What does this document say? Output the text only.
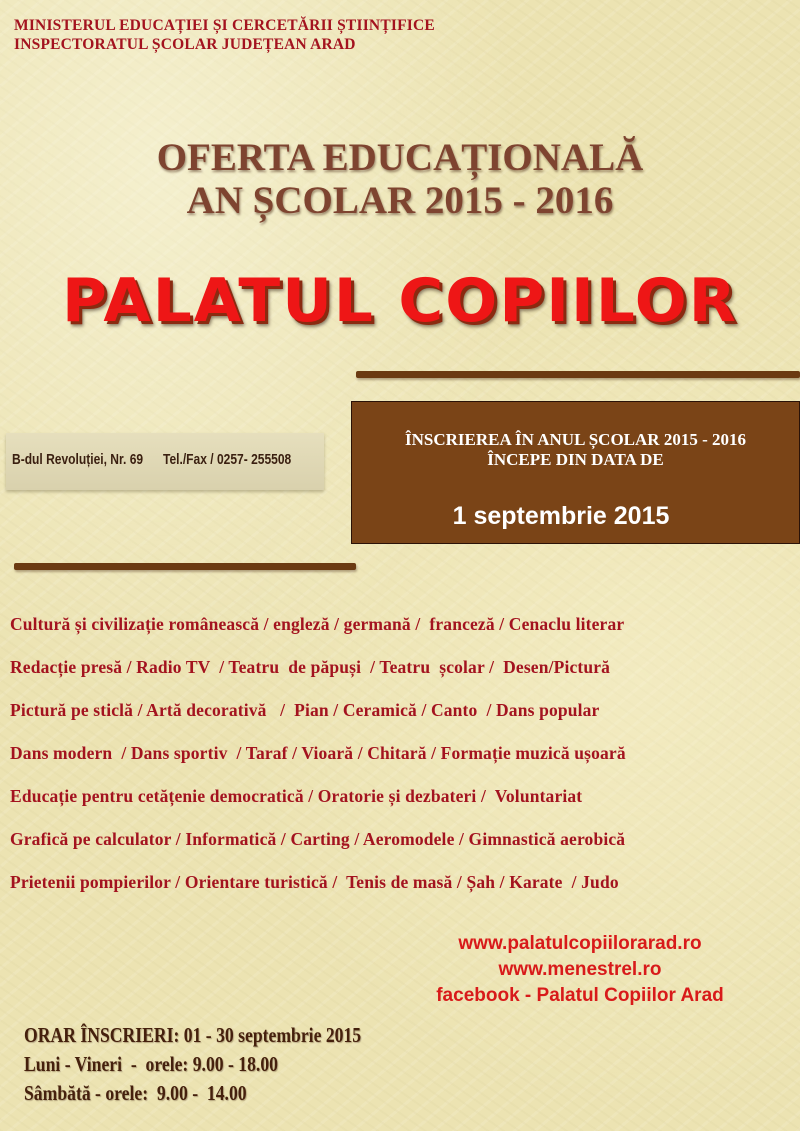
MINISTERUL EDUCAȚIEI ȘI CERCETĂRII ȘTIINȚIFICE
INSPECTORATUL ȘCOLAR JUDEȚEAN ARAD
OFERTA EDUCAȚIONALĂ
AN ȘCOLAR 2015 - 2016
PALATUL COPIILOR
B-dul Revoluției, Nr. 69 Tel./Fax / 0257- 255508
ÎNSCRIEREA ÎN ANUL ȘCOLAR 2015 - 2016
ÎNCEPE DIN DATA DE
1 septembrie 2015
Cultură și civilizație românească / engleză / germană /  franceză / Cenaclu literar
Redacție presă / Radio TV  / Teatru  de păpuși  / Teatru  școlar /  Desen/Pictură
Pictură pe sticlă / Artă decorativă   /  Pian / Ceramică / Canto  / Dans popular
Dans modern  / Dans sportiv  / Taraf / Vioară / Chitară / Formație muzică ușoară
Educație pentru cetățenie democratică / Oratorie și dezbateri /  Voluntariat
Grafică pe calculator / Informatică / Carting / Aeromodele / Gimnastică aerobică
Prietenii pompierilor / Orientare turistică /  Tenis de masă / Șah / Karate  / Judo
www.palatulcopiilorarad.ro
www.menestrel.ro
facebook - Palatul Copiilor Arad
ORAR ÎNSCRIERI: 01 - 30 septembrie 2015
Luni - Vineri  -  orele: 9.00 - 18.00
Sâmbătă - orele:  9.00 -  14.00
